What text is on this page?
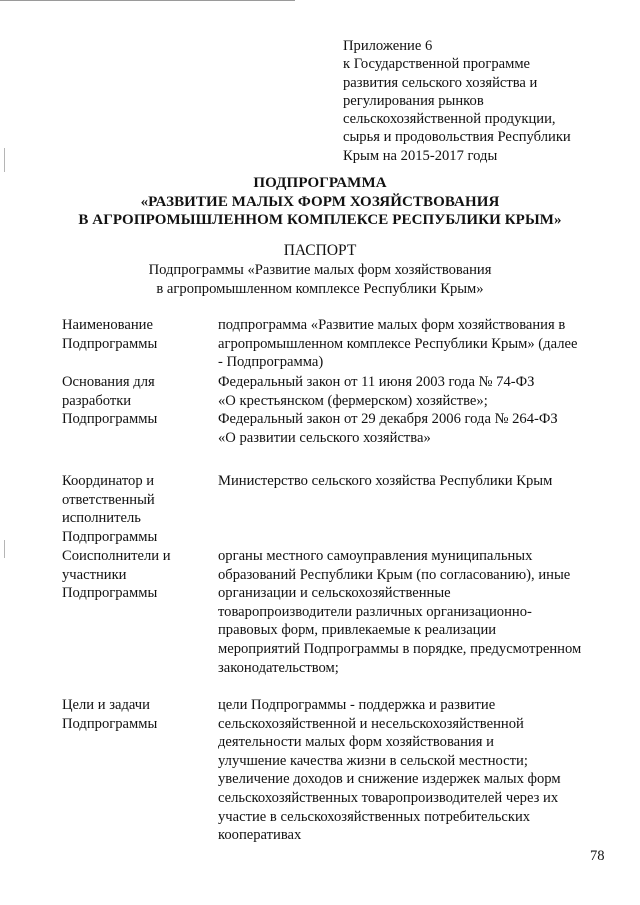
Приложение 6
к Государственной программе
развития сельского хозяйства и
регулирования рынков
сельскохозяйственной продукции,
сырья и продовольствия Республики
Крым на 2015-2017 годы
ПОДПРОГРАММА
«РАЗВИТИЕ МАЛЫХ ФОРМ ХОЗЯЙСТВОВАНИЯ
В АГРОПРОМЫШЛЕННОМ КОМПЛЕКСЕ РЕСПУБЛИКИ КРЫМ»
ПАСПОРТ
Подпрограммы «Развитие малых форм хозяйствования
в агропромышленном комплексе Республики Крым»
Наименование
Подпрограммы
подпрограмма «Развитие малых форм хозяйствования в
агропромышленном комплексе Республики Крым» (далее
- Подпрограмма)
Основания для
разработки
Подпрограммы
Федеральный закон от 11 июня 2003 года № 74-ФЗ
«О крестьянском (фермерском) хозяйстве»;
Федеральный закон от 29 декабря 2006 года № 264-ФЗ
«О развитии сельского хозяйства»
Координатор и
ответственный
исполнитель
Подпрограммы
Министерство сельского хозяйства Республики Крым
Соисполнители и
участники
Подпрограммы
органы местного самоуправления муниципальных
образований Республики Крым (по согласованию), иные
организации и сельскохозяйственные
товаропроизводители различных организационно-
правовых форм, привлекаемые к реализации
мероприятий Подпрограммы в порядке, предусмотренном
законодательством;
Цели и задачи
Подпрограммы
цели Подпрограммы - поддержка и развитие
сельскохозяйственной и несельскохозяйственной
деятельности малых форм хозяйствования и
улучшение качества жизни в сельской местности;
увеличение доходов и снижение издержек малых форм
сельскохозяйственных товаропроизводителей через их
участие в сельскохозяйственных потребительских
кооперативах
78
